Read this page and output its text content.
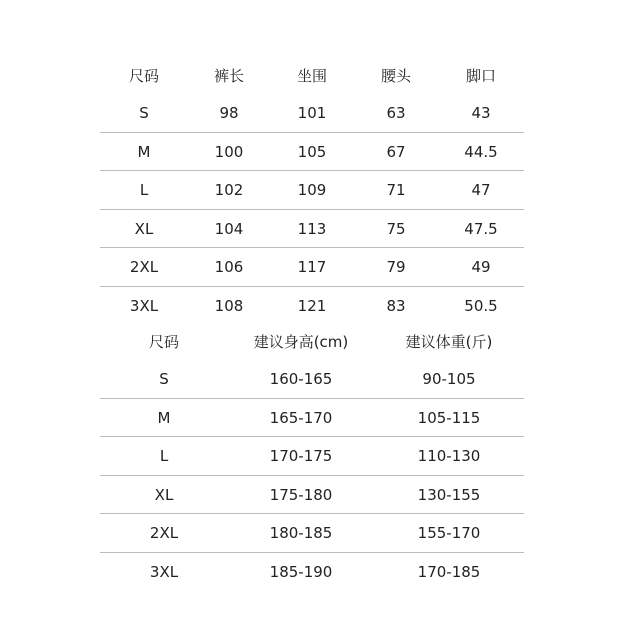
尺码	裤长	坐围	腰头	脚口
S	98	101	63	43
M	100	105	67	44.5
L	102	109	71	47
XL	104	113	75	47.5
2XL	106	117	79	49
3XL	108	121	83	50.5
尺码	建议身高(cm)	建议体重(斤)
S	160-165	90-105
M	165-170	105-115
L	170-175	110-130
XL	175-180	130-155
2XL	180-185	155-170
3XL	185-190	170-185
